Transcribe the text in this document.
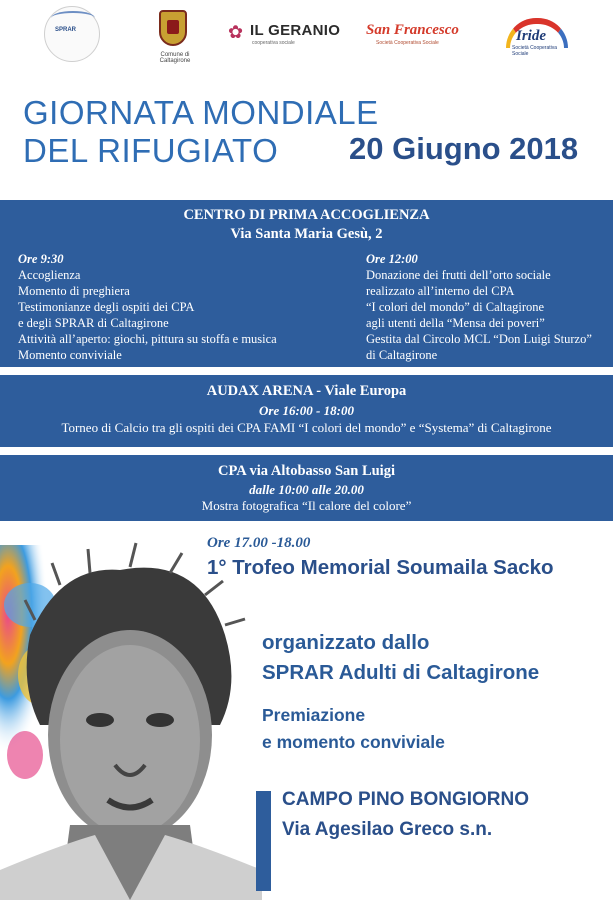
SPRAR
Comune di Caltagirone
✿ IL GERANIO
cooperativa sociale
San Francesco
Società Cooperativa Sociale	Iride
Società Cooperativa Sociale
GIORNATA MONDIALE
DEL RIFUGIATO 20 Giugno 2018
CENTRO DI PRIMA ACCOGLIENZA
Via Santa Maria Gesù, 2
Ore 9:30
Accoglienza
Momento di preghiera
Testimonianze degli ospiti dei CPA
e degli SPRAR di Caltagirone
Attività all’aperto: giochi, pittura su stoffa e musica
Momento conviviale
Ore 12:00
Donazione dei frutti dell’orto sociale
realizzato all’interno del CPA
“I colori del mondo” di Caltagirone
agli utenti della “Mensa dei poveri”
Gestita dal Circolo MCL “Don Luigi Sturzo”
di Caltagirone
AUDAX ARENA - Viale Europa
Ore 16:00 - 18:00
Torneo di Calcio tra gli ospiti dei CPA FAMI “I colori del mondo” e “Systema” di Caltagirone
CPA via Altobasso San Luigi
dalle 10:00 alle 20.00
Mostra fotografica “Il calore del colore”
Ore 17.00 -18.00
1° Trofeo Memorial Soumaila Sacko
organizzato dallo
SPRAR Adulti di Caltagirone
Premiazione
e momento conviviale
CAMPO PINO BONGIORNO
Via Agesilao Greco s.n.
